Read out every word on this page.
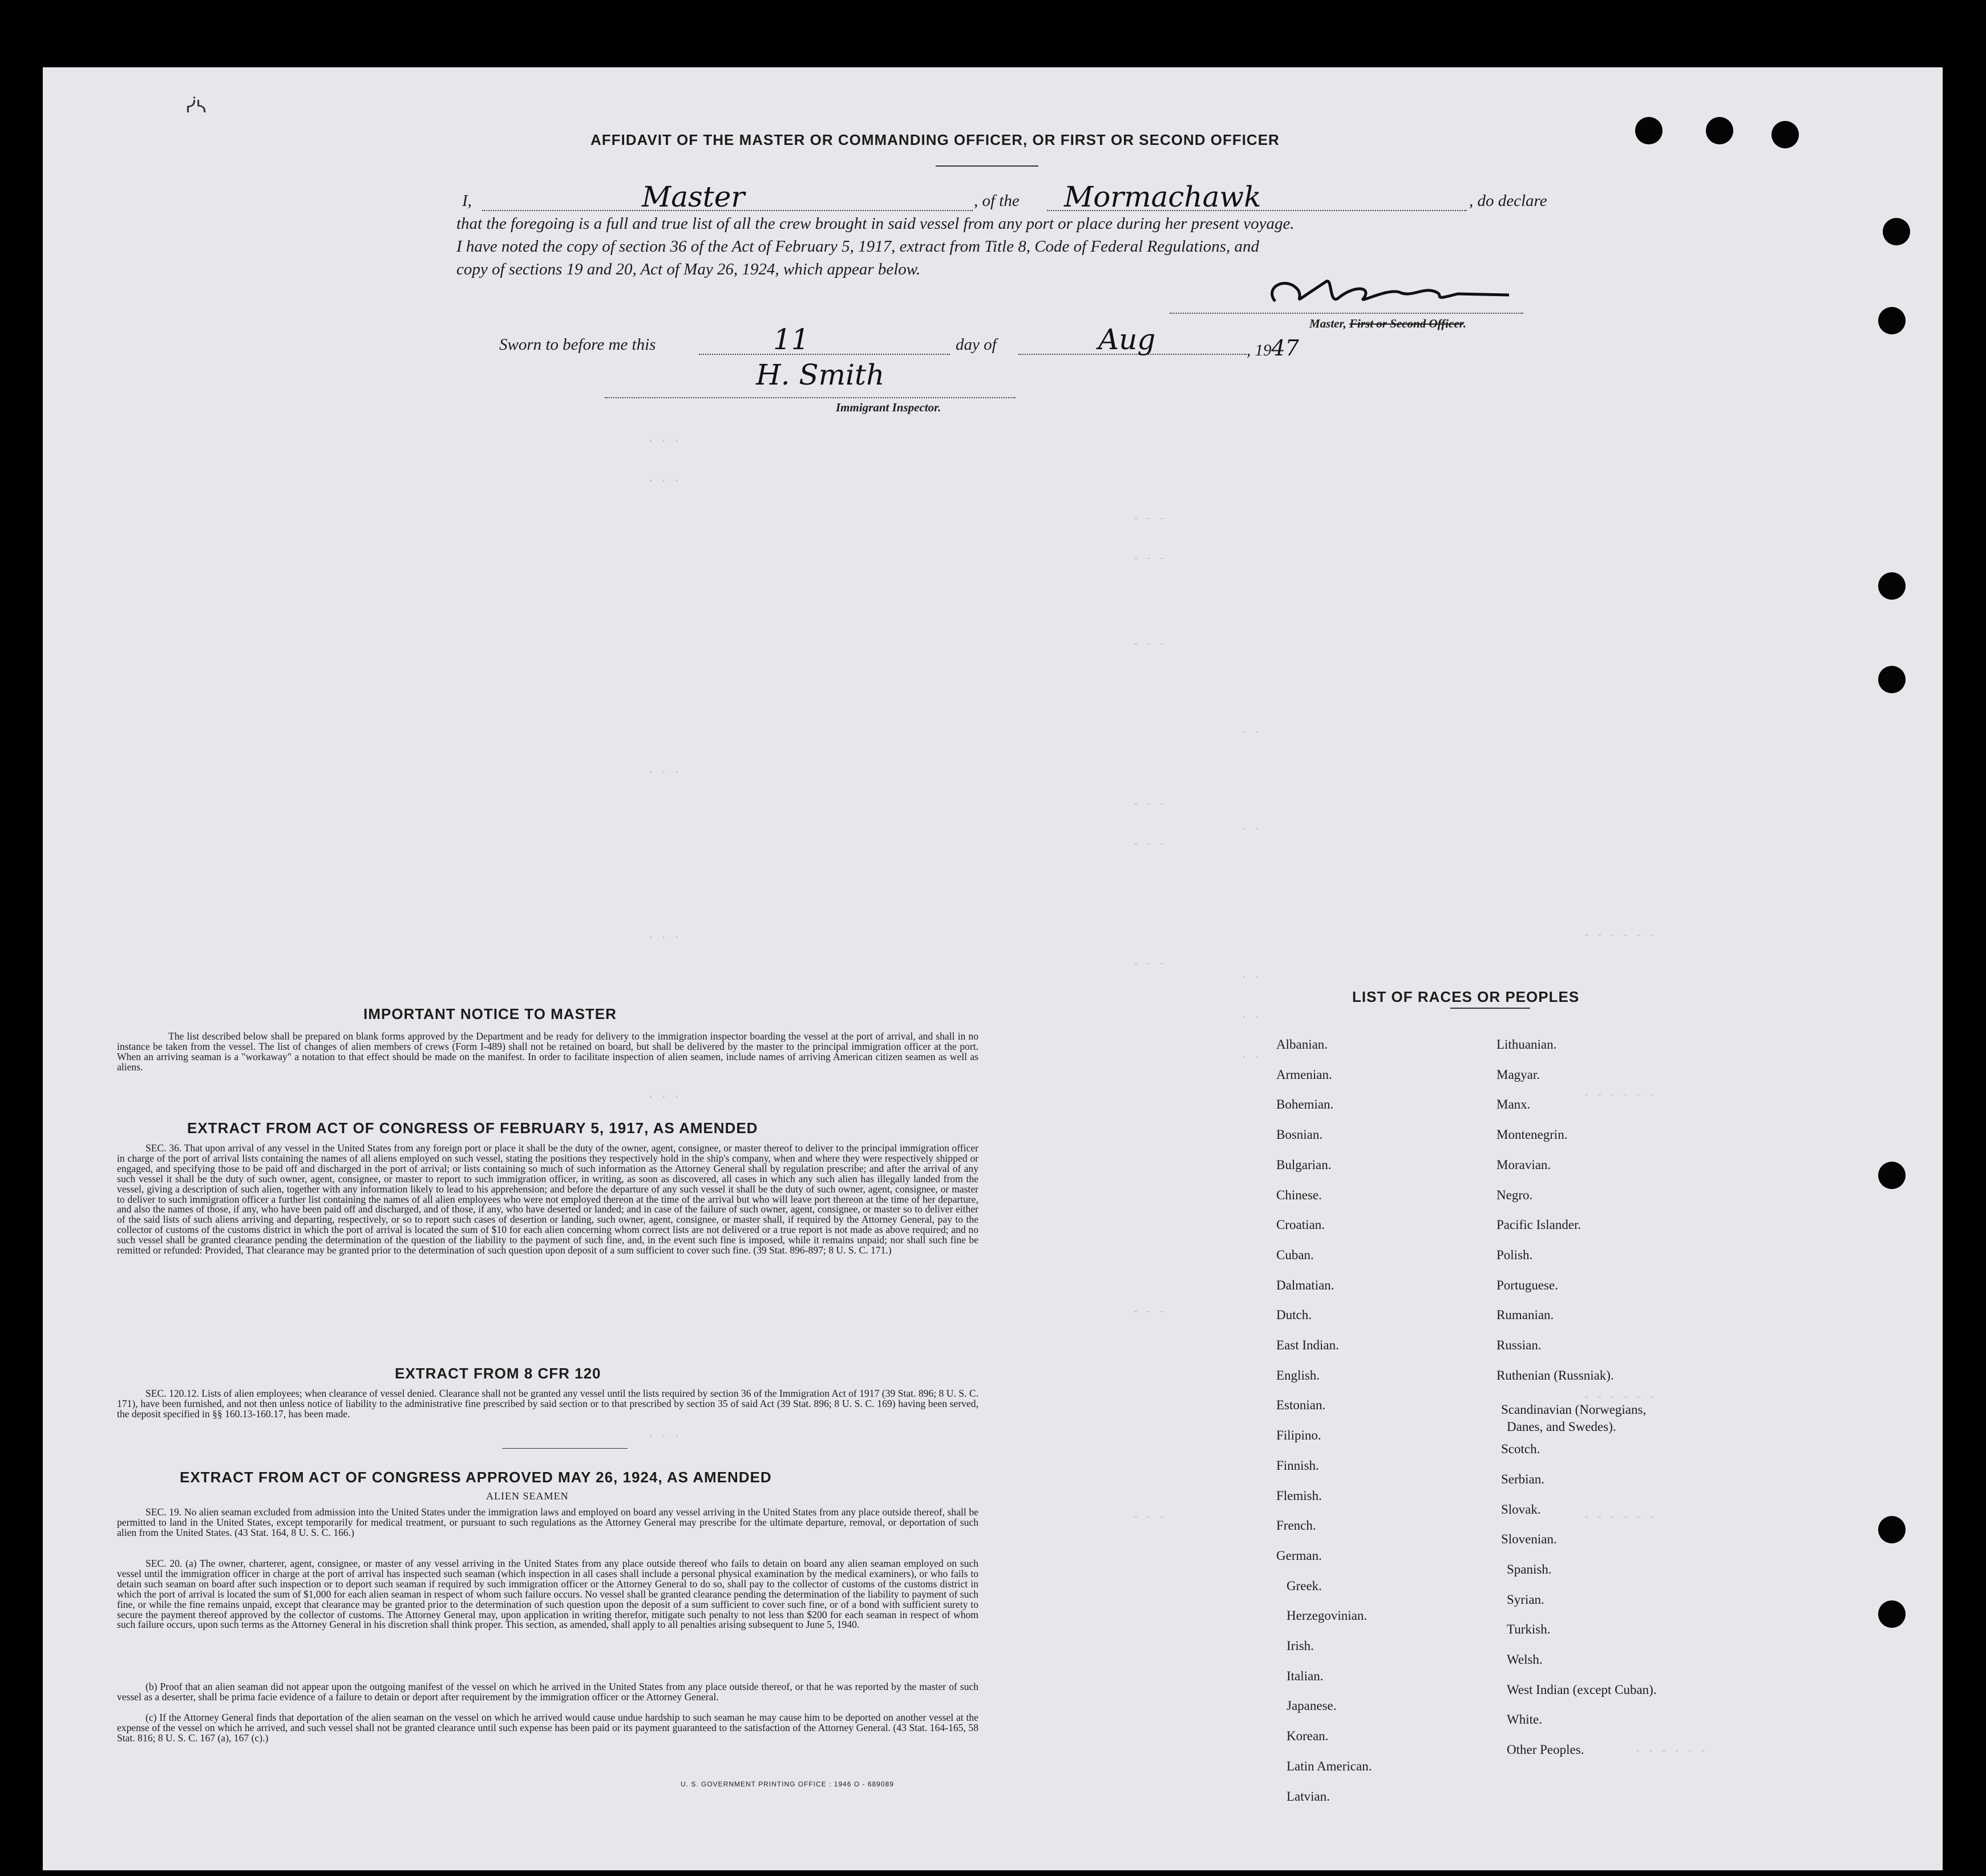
AFFIDAVIT OF THE MASTER OR COMMANDING OFFICER, OR FIRST OR SECOND OFFICER
I,	Master	, of the Mormachawk	, do declare
that the foregoing is a full and true list of all the crew brought in said vessel from any port or place during her present voyage.
I have noted the copy of section 36 of the Act of February 5, 1917, extract from Title 8, Code of Federal Regulations, and
copy of sections 19 and 20, Act of May 26, 1924, which appear below.
Master, First or Second Officer.
Sworn to before me this	11	day of	Aug	, 1947
H. Smith
Immigrant Inspector.
. . .
. . .
. . .
. . .
. . .
. . .
- - -
- - -
- - -
- - -
- - -
- - -
- - -
- - -
. .
. .
. .
. .
. .
- - - - - -
- - - - - -
- - - - - -
- - - - - -
- - - - - -
IMPORTANT NOTICE TO MASTER
The list described below shall be prepared on blank forms approved by the Department and be ready for delivery to the immigration inspector boarding the vessel at the port of arrival, and shall in no instance be taken from the vessel. The list of changes of alien members of crews (Form I-489) shall not be retained on board, but shall be delivered by the master to the principal immigration officer at the port. When an arriving seaman is a "workaway" a notation to that effect should be made on the manifest. In order to facilitate inspection of alien seamen, include names of arriving American citizen seamen as well as aliens.
EXTRACT FROM ACT OF CONGRESS OF FEBRUARY 5, 1917, AS AMENDED
SEC. 36. That upon arrival of any vessel in the United States from any foreign port or place it shall be the duty of the owner, agent, consignee, or master thereof to deliver to the principal immigration officer in charge of the port of arrival lists containing the names of all aliens employed on such vessel, stating the positions they respectively hold in the ship's company, when and where they were respectively shipped or engaged, and specifying those to be paid off and discharged in the port of arrival; or lists containing so much of such information as the Attorney General shall by regulation prescribe; and after the arrival of any such vessel it shall be the duty of such owner, agent, consignee, or master to report to such immigration officer, in writing, as soon as discovered, all cases in which any such alien has illegally landed from the vessel, giving a description of such alien, together with any information likely to lead to his apprehension; and before the departure of any such vessel it shall be the duty of such owner, agent, consignee, or master to deliver to such immigration officer a further list containing the names of all alien employees who were not employed thereon at the time of the arrival but who will leave port thereon at the time of her departure, and also the names of those, if any, who have been paid off and discharged, and of those, if any, who have deserted or landed; and in case of the failure of such owner, agent, consignee, or master so to deliver either of the said lists of such aliens arriving and departing, respectively, or so to report such cases of desertion or landing, such owner, agent, consignee, or master shall, if required by the Attorney General, pay to the collector of customs of the customs district in which the port of arrival is located the sum of $10 for each alien concerning whom correct lists are not delivered or a true report is not made as above required; and no such vessel shall be granted clearance pending the determination of the question of the liability to the payment of such fine, and, in the event such fine is imposed, while it remains unpaid; nor shall such fine be remitted or refunded: Provided, That clearance may be granted prior to the determination of such question upon deposit of a sum sufficient to cover such fine. (39 Stat. 896-897; 8 U. S. C. 171.)
EXTRACT FROM 8 CFR 120
SEC. 120.12. Lists of alien employees; when clearance of vessel denied. Clearance shall not be granted any vessel until the lists required by section 36 of the Immigration Act of 1917 (39 Stat. 896; 8 U. S. C. 171), have been furnished, and not then unless notice of liability to the administrative fine prescribed by said section or to that prescribed by section 35 of said Act (39 Stat. 896; 8 U. S. C. 169) having been served, the deposit specified in §§ 160.13-160.17, has been made.
EXTRACT FROM ACT OF CONGRESS APPROVED MAY 26, 1924, AS AMENDED
ALIEN SEAMEN
SEC. 19. No alien seaman excluded from admission into the United States under the immigration laws and employed on board any vessel arriving in the United States from any place outside thereof, shall be permitted to land in the United States, except temporarily for medical treatment, or pursuant to such regulations as the Attorney General may prescribe for the ultimate departure, removal, or deportation of such alien from the United States. (43 Stat. 164, 8 U. S. C. 166.)
SEC. 20. (a) The owner, charterer, agent, consignee, or master of any vessel arriving in the United States from any place outside thereof who fails to detain on board any alien seaman employed on such vessel until the immigration officer in charge at the port of arrival has inspected such seaman (which inspection in all cases shall include a personal physical examination by the medical examiners), or who fails to detain such seaman on board after such inspection or to deport such seaman if required by such immigration officer or the Attorney General to do so, shall pay to the collector of customs of the customs district in which the port of arrival is located the sum of $1,000 for each alien seaman in respect of whom such failure occurs. No vessel shall be granted clearance pending the determination of the liability to payment of such fine, or while the fine remains unpaid, except that clearance may be granted prior to the determination of such question upon the deposit of a sum sufficient to cover such fine, or of a bond with sufficient surety to secure the payment thereof approved by the collector of customs. The Attorney General may, upon application in writing therefor, mitigate such penalty to not less than $200 for each seaman in respect of whom such failure occurs, upon such terms as the Attorney General in his discretion shall think proper. This section, as amended, shall apply to all penalties arising subsequent to June 5, 1940.
(b) Proof that an alien seaman did not appear upon the outgoing manifest of the vessel on which he arrived in the United States from any place outside thereof, or that he was reported by the master of such vessel as a deserter, shall be prima facie evidence of a failure to detain or deport after requirement by the immigration officer or the Attorney General.
(c) If the Attorney General finds that deportation of the alien seaman on the vessel on which he arrived would cause undue hardship to such seaman he may cause him to be deported on another vessel at the expense of the vessel on which he arrived, and such vessel shall not be granted clearance until such expense has been paid or its payment guaranteed to the satisfaction of the Attorney General. (43 Stat. 164-165, 58 Stat. 816; 8 U. S. C. 167 (a), 167 (c).)
U. S. GOVERNMENT PRINTING OFFICE : 1946 O - 689089
LIST OF RACES OR PEOPLES
Albanian.
Armenian.
Bohemian.
Bosnian.
Bulgarian.
Chinese.
Croatian.
Cuban.
Dalmatian.
Dutch.
East Indian.
English.
Estonian.
Filipino.
Finnish.
Flemish.
French.
German.
Greek.
Herzegovinian.
Irish.
Italian.
Japanese.
Korean.
Latin American.
Latvian.
Lithuanian.
Magyar.
Manx.
Montenegrin.
Moravian.
Negro.
Pacific Islander.
Polish.
Portuguese.
Rumanian.
Russian.
Ruthenian (Russniak).
Scandinavian (Norwegians,
Danes, and Swedes).
Scotch.
Serbian.
Slovak.
Slovenian.
Spanish.
Syrian.
Turkish.
Welsh.
West Indian (except Cuban).
White.
Other Peoples.
ᓰᓴ
